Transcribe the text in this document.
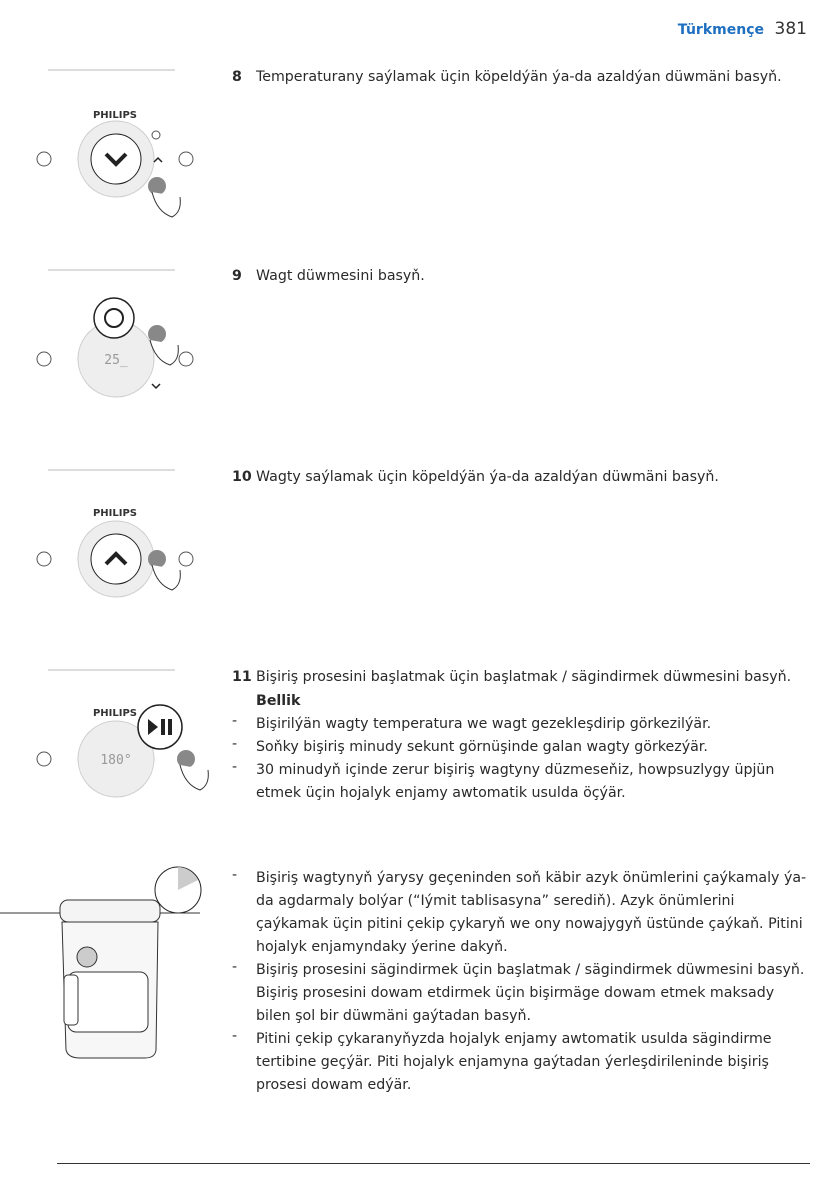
Türkmençe 381
PHILIPS
8 Temperaturany saýlamak üçin köpeldýän ýa-da azaldýan düwmäni basyň.
25_
9 Wagt düwmesini basyň.
PHILIPS
10 Wagty saýlamak üçin köpeldýän ýa-da azaldýan düwmäni basyň.
PHILIPS
180°
11 Bişiriş prosesini başlatmak üçin başlatmak / sägindirmek düwmesini basyň.
Bellik
- Bişirilýän wagty temperatura we wagt gezekleşdirip görkezilýär.
- Soňky bişiriş minudy sekunt görnüşinde galan wagty görkezýär.
- 30 minudyň içinde zerur bişiriş wagtyny düzmeseňiz, howpsuzlygy üpjün etmek üçin hojalyk enjamy awtomatik usulda öçýär.
- Bişiriş wagtynyň ýarysy geçeninden soň käbir azyk önümlerini çaýkamaly ýa-da agdarmaly bolýar (“Iýmit tablisasyna” serediň). Azyk önümlerini çaýkamak üçin pitini çekip çykaryň we ony nowajygyň üstünde çaýkaň. Pitini hojalyk enjamyndaky ýerine dakyň.
- Bişiriş prosesini sägindirmek üçin başlatmak / sägindirmek düwmesini basyň. Bişiriş prosesini dowam etdirmek üçin bişirmäge dowam etmek maksady bilen şol bir düwmäni gaýtadan basyň.
- Pitini çekip çykaranyňyzda hojalyk enjamy awtomatik usulda sägindirme tertibine geçýär. Piti hojalyk enjamyna gaýtadan ýerleşdirileninde bişiriş prosesi dowam edýär.
